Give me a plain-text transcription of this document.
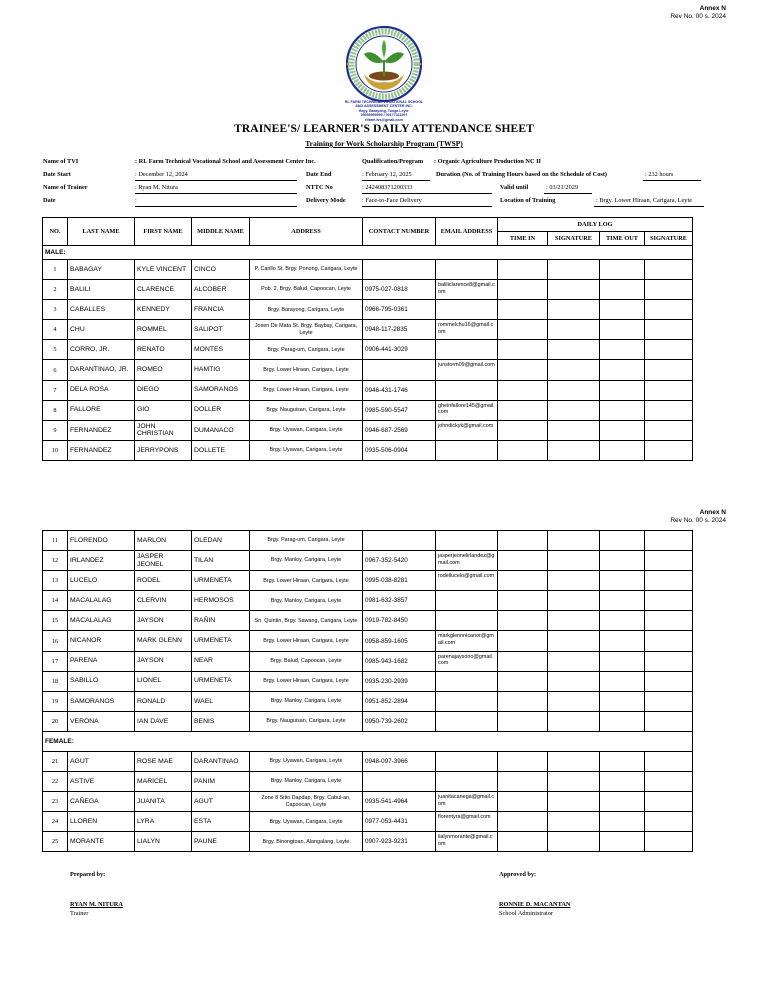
Annex N
Rev No. 00 s. 2024
RL FARM TECHNICAL VOCATIONAL SCHOOL
AND ASSESSMENT CENTER INC.
Brgy. Barayong, Tunga Leyte
09099999999 / 09177311597
rlfarm.tvs@gmail.com
TRAINEE'S/ LEARNER'S DAILY ATTENDANCE SHEET
Training for Work Scholarship Program (TWSP)
Name of TVI	: RL Farm Technical Vocational School and Assessment Center Inc.	Qualification/Program : Organic Agriculture Production NC II
Date Start	: December 12, 2024	Date End	: February 12, 2025	Duration (No. of Training Hours based on the Schedule of Cost)	: 232 hours
Name of Trainer	: Ryan M. Nitura	NTTC No	: 242408371200333	Valid until	: 03/21/2029
Date	:	Delivery Mode	: Face-to-Face Delivery	Location of Training	: Brgy. Lower Hiraan, Carigara, Leyte
NO.	LAST NAME	FIRST NAME	MIDDLE NAME	ADDRESS	CONTACT NUMBER	EMAIL ADDRESS	DAILY LOG			
							TIME IN	SIGNATURE	TIME OUT	SIGNATURE
MALE:										
1	BABAGAY	KYLE VINCENT	CINCO	P. Carillo St. Brgy. Ponong, Carigara, Leyte						
2	BALILI	CLARENCE	ALCOBER	Pob. 2, Brgy. Balud, Capoocan, Leyte	0975-027-0818	baliliclarence8@gmail.com				
3	CABALLES	KENNEDY	FRANCIA	Brgy. Barayong, Carigara, Leyte	0966-795-0361					
4	CHU	ROMMEL	SALIPOT	Josen De Mata St. Brgy. Baybay, Carigara, Leyte	0948-117-2835	rommelchu16@gmail.com				
5	CORRO, JR.	RENATO	MONTES	Brgy. Parag-um, Carigara, Leyte	0906-441-3029					
6	DARANTINAO, JR.	ROMEO	HAMTIG	Brgy. Lower Hiraan, Carigara, Leyte		junstorm09@gmail.com				
7	DELA ROSA	DIEGO	SAMORANOS	Brgy. Lower Hiraan, Carigara, Leyte	0946-431-1746					
8	FALLORE	GIO	DOLLER	Brgy. Nauguisan, Carigara, Leyte	0985-590-5547	gheinfallore145@gmail.com				
9	FERNANDEZ	JOHN CHRISTIAN	DUMANACO	Brgy. Uyawan, Carigara, Leyte	0946-687-2569	johndickyk@gmail.com				
10	FERNANDEZ	JERRYPONS	DOLLETE	Brgy. Uyawan, Carigara, Leyte	0935-506-0904					
Annex N
Rev No. 00 s. 2024
11	FLORENDO	MARLON	OLEDAN	Brgy. Parag-um, Carigara, Leyte						
12	IRLANDEZ	JASPER JEONEL	TILAN	Brgy. Manloy, Carigara, Leyte	0967-352-5420	jasperjeonelirlandez@gmail.com				
13	LUCELO	RODEL	URMENETA	Brgy. Lower Hiraan, Carigara, Leyte	0995-038-8281	rodellucelo@gmail.com				
14	MACALALAG	CLERVIN	HERMOSOS	Brgy. Manloy, Carigara, Leyte	0981-632-3857					
15	MACALALAG	JAYSON	RAÑIN	Sn. Quintin, Brgy. Sawang, Carigara, Leyte	0919-782-8450					
16	NICANOR	MARK GLENN	URMENETA	Brgy. Lower Hiraan, Carigara, Leyte	0958-859-1605	markglennnicanor@gmail.com				
17	PARENA	JAYSON	NEAR	Brgy. Balud, Capoocan, Leyte	0985-943-1682	parenajaysono@gmail.com				
18	SABILLO	LIONEL	URMENETA	Brgy. Lower Hiraan, Carigara, Leyte	0935-230-2939					
19	SAMORANOS	RONALD	WAEL	Brgy. Manloy, Carigara, Leyte	0951-852-2894					
20	VERONA	IAN DAVE	BENIS	Brgy. Nauguisan, Carigara, Leyte	0950-739-2602					
FEMALE:										
21	AGUT	ROSE MAE	DARANTINAO	Brgy. Uyawan, Carigara, Leyte	0948-097-3966					
22	ASTIVE	MARICEL	PANIM	Brgy. Manloy, Carigara, Leyte						
23	CAÑEGA	JUANITA	AGUT	Zone 8 Sitio Dapdap, Brgy. Cabul-an, Capoocan, Leyte	0935-541-4964	juanitacanega@gmail.com				
24	LLOREN	LYRA	ESTA	Brgy. Uyawan, Carigara, Leyte	0977-053-4431	florentyra@gmail.com				
25	MORANTE	LIALYN	PAUNE	Brgy. Binongtoan, Alangalang, Leyte	0907-923-9231	lialynmorante@gmail.com				
Prepared by:
RYAN M. NITURA
Trainer
Approved by:
RONNIE D. MACANTAN
School Administrator
